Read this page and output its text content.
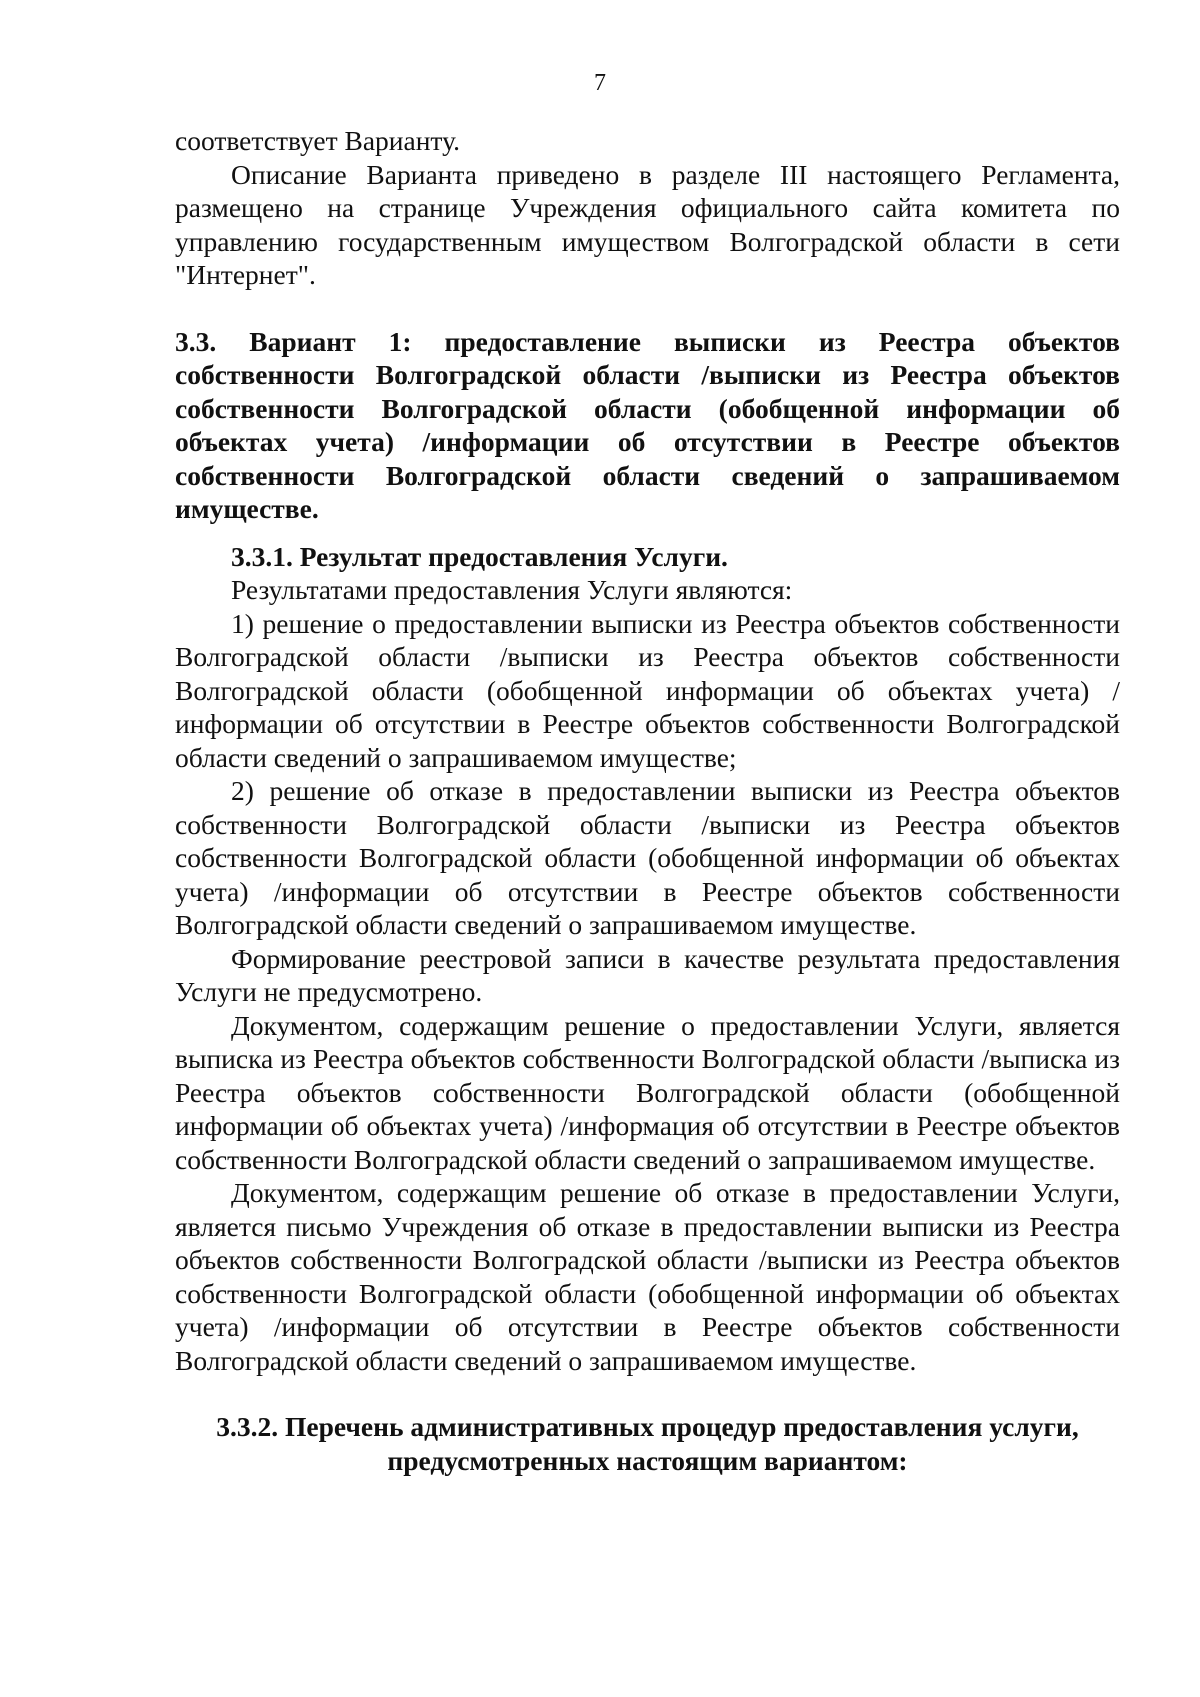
7

соответствует Варианту.

Описание Варианта приведено в разделе III настоящего Регламента, размещено на странице Учреждения официального сайта комитета по управлению государственным имуществом Волгоградской области в сети "Интернет".

3.3. Вариант 1: предоставление выписки из Реестра объектов собственности Волгоградской области /выписки из Реестра объектов собственности Волгоградской области (обобщенной информации об объектах учета) /информации об отсутствии в Реестре объектов собственности Волгоградской области сведений о запрашиваемом имуществе.

3.3.1. Результат предоставления Услуги.

Результатами предоставления Услуги являются:

1) решение о предоставлении выписки из Реестра объектов собственности Волгоградской области /выписки из Реестра объектов собственности Волгоградской области (обобщенной информации об объектах учета) /информации об отсутствии в Реестре объектов собственности Волгоградской области сведений о запрашиваемом имуществе;

2) решение об отказе в предоставлении выписки из Реестра объектов собственности Волгоградской области /выписки из Реестра объектов собственности Волгоградской области (обобщенной информации об объектах учета) /информации об отсутствии в Реестре объектов собственности Волгоградской области сведений о запрашиваемом имуществе.

Формирование реестровой записи в качестве результата предоставления Услуги не предусмотрено.

Документом, содержащим решение о предоставлении Услуги, является выписка из Реестра объектов собственности Волгоградской области /выписка из Реестра объектов собственности Волгоградской области (обобщенной информации об объектах учета) /информация об отсутствии в Реестре объектов собственности Волгоградской области сведений о запрашиваемом имуществе.

Документом, содержащим решение об отказе в предоставлении Услуги, является письмо Учреждения об отказе в предоставлении выписки из Реестра объектов собственности Волгоградской области /выписки из Реестра объектов собственности Волгоградской области (обобщенной информации об объектах учета) /информации об отсутствии в Реестре объектов собственности Волгоградской области сведений о запрашиваемом имуществе.

3.3.2. Перечень административных процедур предоставления услуги, предусмотренных настоящим вариантом:
